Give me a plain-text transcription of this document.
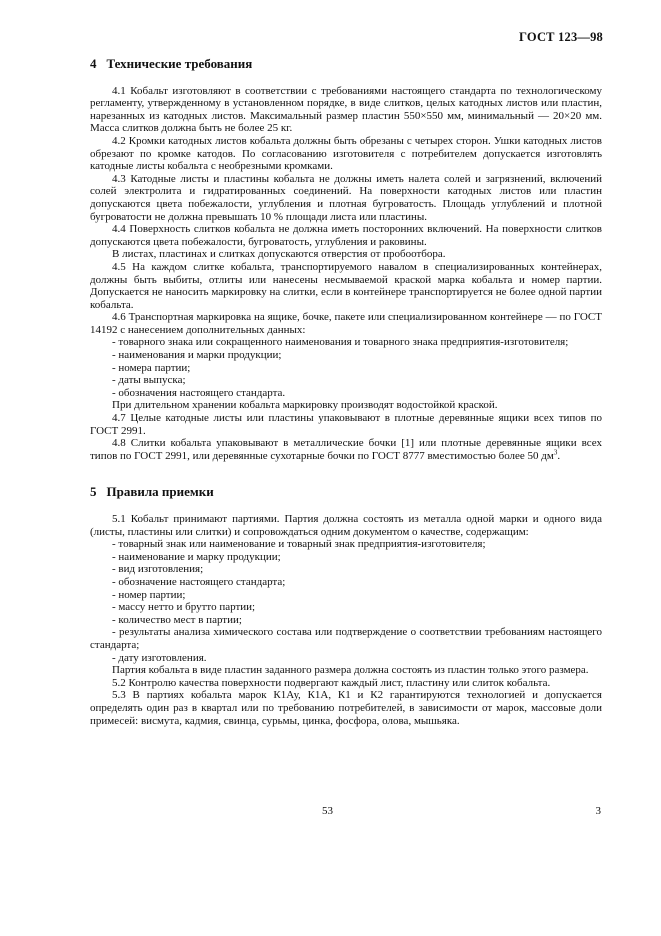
ГОСТ 123—98
4 Технические требования

4.1 Кобальт изготовляют в соответствии с требованиями настоящего стандарта по технологическому регламенту, утвержденному в установленном порядке, в виде слитков, целых катодных листов или пластин, нарезанных из катодных листов. Максимальный размер пластин 550×550 мм, минимальный — 20×20 мм. Масса слитков должна быть не более 25 кг.

4.2 Кромки катодных листов кобальта должны быть обрезаны с четырех сторон. Ушки катодных листов обрезают по кромке катодов. По согласованию изготовителя с потребителем допускается изготовлять катодные листы кобальта с необрезными кромками.

4.3 Катодные листы и пластины кобальта не должны иметь налета солей и загрязнений, включений солей электролита и гидратированных соединений. На поверхности катодных листов или пластин допускаются цвета побежалости, углубления и плотная бугроватость. Площадь углублений и плотной бугроватости не должна превышать 10 % площади листа или пластины.

4.4 Поверхность слитков кобальта не должна иметь посторонних включений. На поверхности слитков допускаются цвета побежалости, бугроватость, углубления и раковины.

В листах, пластинах и слитках допускаются отверстия от пробоотбора.

4.5 На каждом слитке кобальта, транспортируемого навалом в специализированных контейнерах, должны быть выбиты, отлиты или нанесены несмываемой краской марка кобальта и номер партии. Допускается не наносить маркировку на слитки, если в контейнере транспортируется не более одной партии кобальта.

4.6 Транспортная маркировка на ящике, бочке, пакете или специализированном контейнере — по ГОСТ 14192 с нанесением дополнительных данных:

- товарного знака или сокращенного наименования и товарного знака предприятия-изготовителя;

- наименования и марки продукции;

- номера партии;

- даты выпуска;

- обозначения настоящего стандарта.

При длительном хранении кобальта маркировку производят водостойкой краской.

4.7 Целые катодные листы или пластины упаковывают в плотные деревянные ящики всех типов по ГОСТ 2991.

4.8 Слитки кобальта упаковывают в металлические бочки [1] или плотные деревянные ящики всех типов по ГОСТ 2991, или деревянные сухотарные бочки по ГОСТ 8777 вместимостью более 50 $дм^3$.

5 Правила приемки

5.1 Кобальт принимают партиями. Партия должна состоять из металла одной марки и одного вида (листы, пластины или слитки) и сопровождаться одним документом о качестве, содержащим:

- товарный знак или наименование и товарный знак предприятия-изготовителя;

- наименование и марку продукции;

- вид изготовления;

- обозначение настоящего стандарта;

- номер партии;

- массу нетто и брутто партии;

- количество мест в партии;

- результаты анализа химического состава или подтверждение о соответствии требованиям настоящего стандарта;

- дату изготовления.

Партия кобальта в виде пластин заданного размера должна состоять из пластин только этого размера.

5.2 Контролю качества поверхности подвергают каждый лист, пластину или слиток кобальта.

5.3 В партиях кобальта марок К1Ау, К1А, К1 и К2 гарантируются технологией и допускается определять один раз в квартал или по требованию потребителей, в зависимости от марок, массовые доли примесей: висмута, кадмия, свинца, сурьмы, цинка, фосфора, олова, мышьяка.

53	3
